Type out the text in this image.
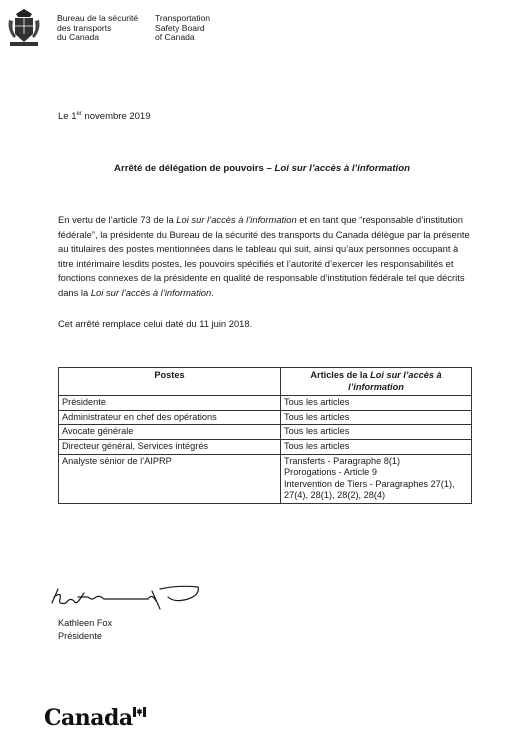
Bureau de la sécurité
des transports
du Canada
Transportation
Safety Board
of Canada
Le 1er novembre 2019
Arrêté de délégation de pouvoirs – Loi sur l’accès à l’information
En vertu de l’article 73 de la Loi sur l’accès à l’information et en tant que “responsable d’institution fédérale”, la présidente du Bureau de la sécurité des transports du Canada délègue par la présente au titulaires des postes mentionnées dans le tableau qui suit, ainsi qu’aux personnes occupant à titre intérimaire lesdits postes, les pouvoirs spécifiés et l’autorité d’exercer les responsabilités et fonctions connexes de la présidente en qualité de responsable d’institution fédérale tel que décrits dans la Loi sur l’accès à l’information.
Cet arrêté remplace celui daté du 11 juin 2018.
Postes	Articles de la Loi sur l’accès à l’information
Présidente	Tous les articles
Administrateur en chef des opérations	Tous les articles
Avocate générale	Tous les articles
Directeur général, Services intégrés	Tous les articles
Analyste sénior de l’AIPRP	Transferts - Paragraphe 8(1)
Prorogations - Article 9
Intervention de Tiers - Paragraphes 27(1), 27(4), 28(1), 28(2), 28(4)
Kathleen Fox
Présidente
Canada
